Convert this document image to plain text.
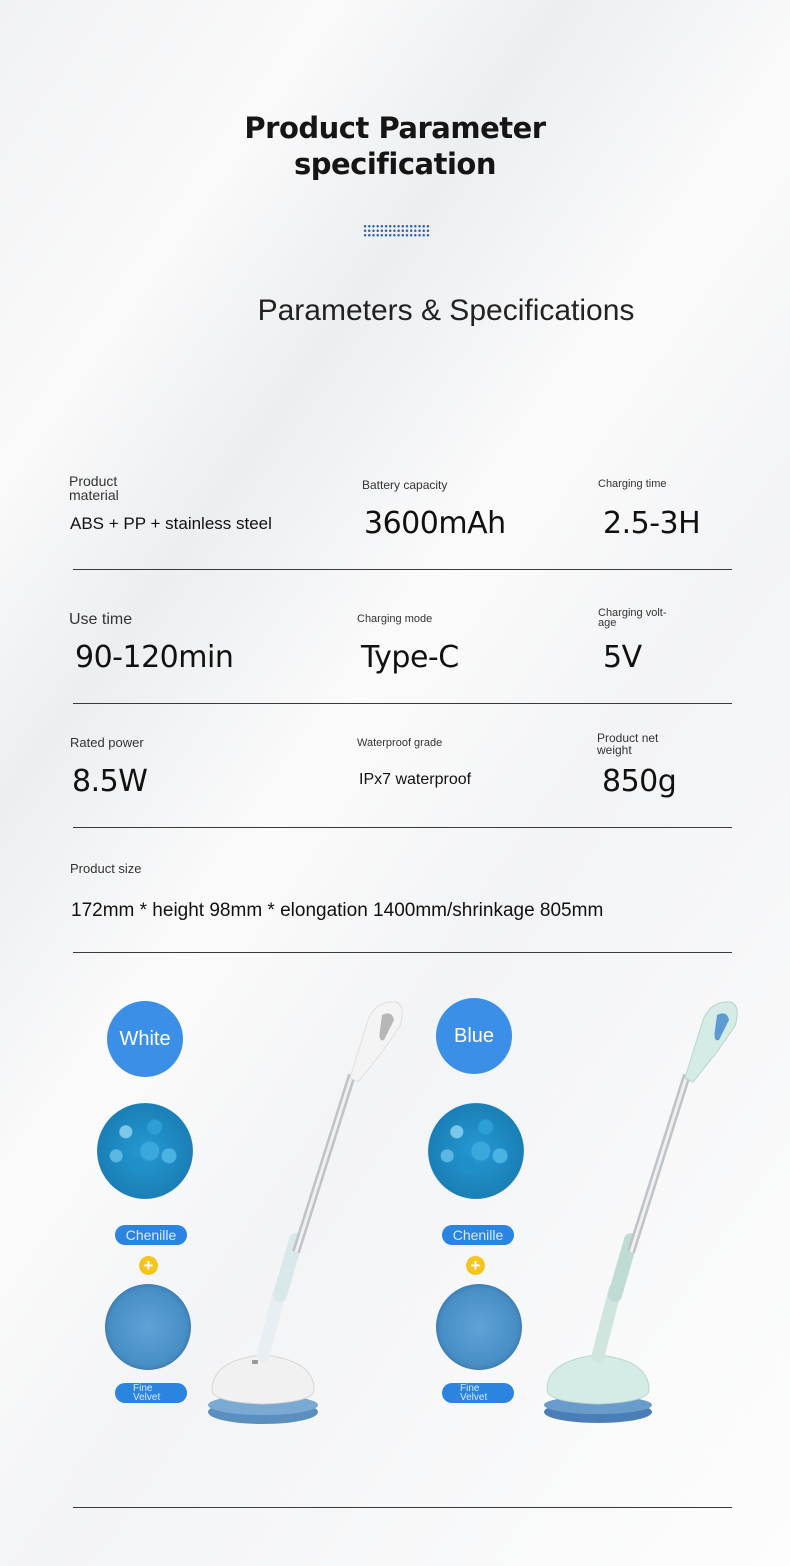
Product Parameter
specification
Parameters & Specifications
Product
material
ABS + PP + stainless steel
Battery capacity
3600mAh
Charging time
2.5-3H
Use time
90-120min
Charging mode
Type-C
Charging volt-
age
5V
Rated power
8.5W
Waterproof grade
IPx7 waterproof
Product net
weight
850g
Product size
172mm * height 98mm * elongation 1400mm/shrinkage 805mm
White
Chenille
+
Fine
Velvet
Blue
Chenille
+
Fine
Velvet
